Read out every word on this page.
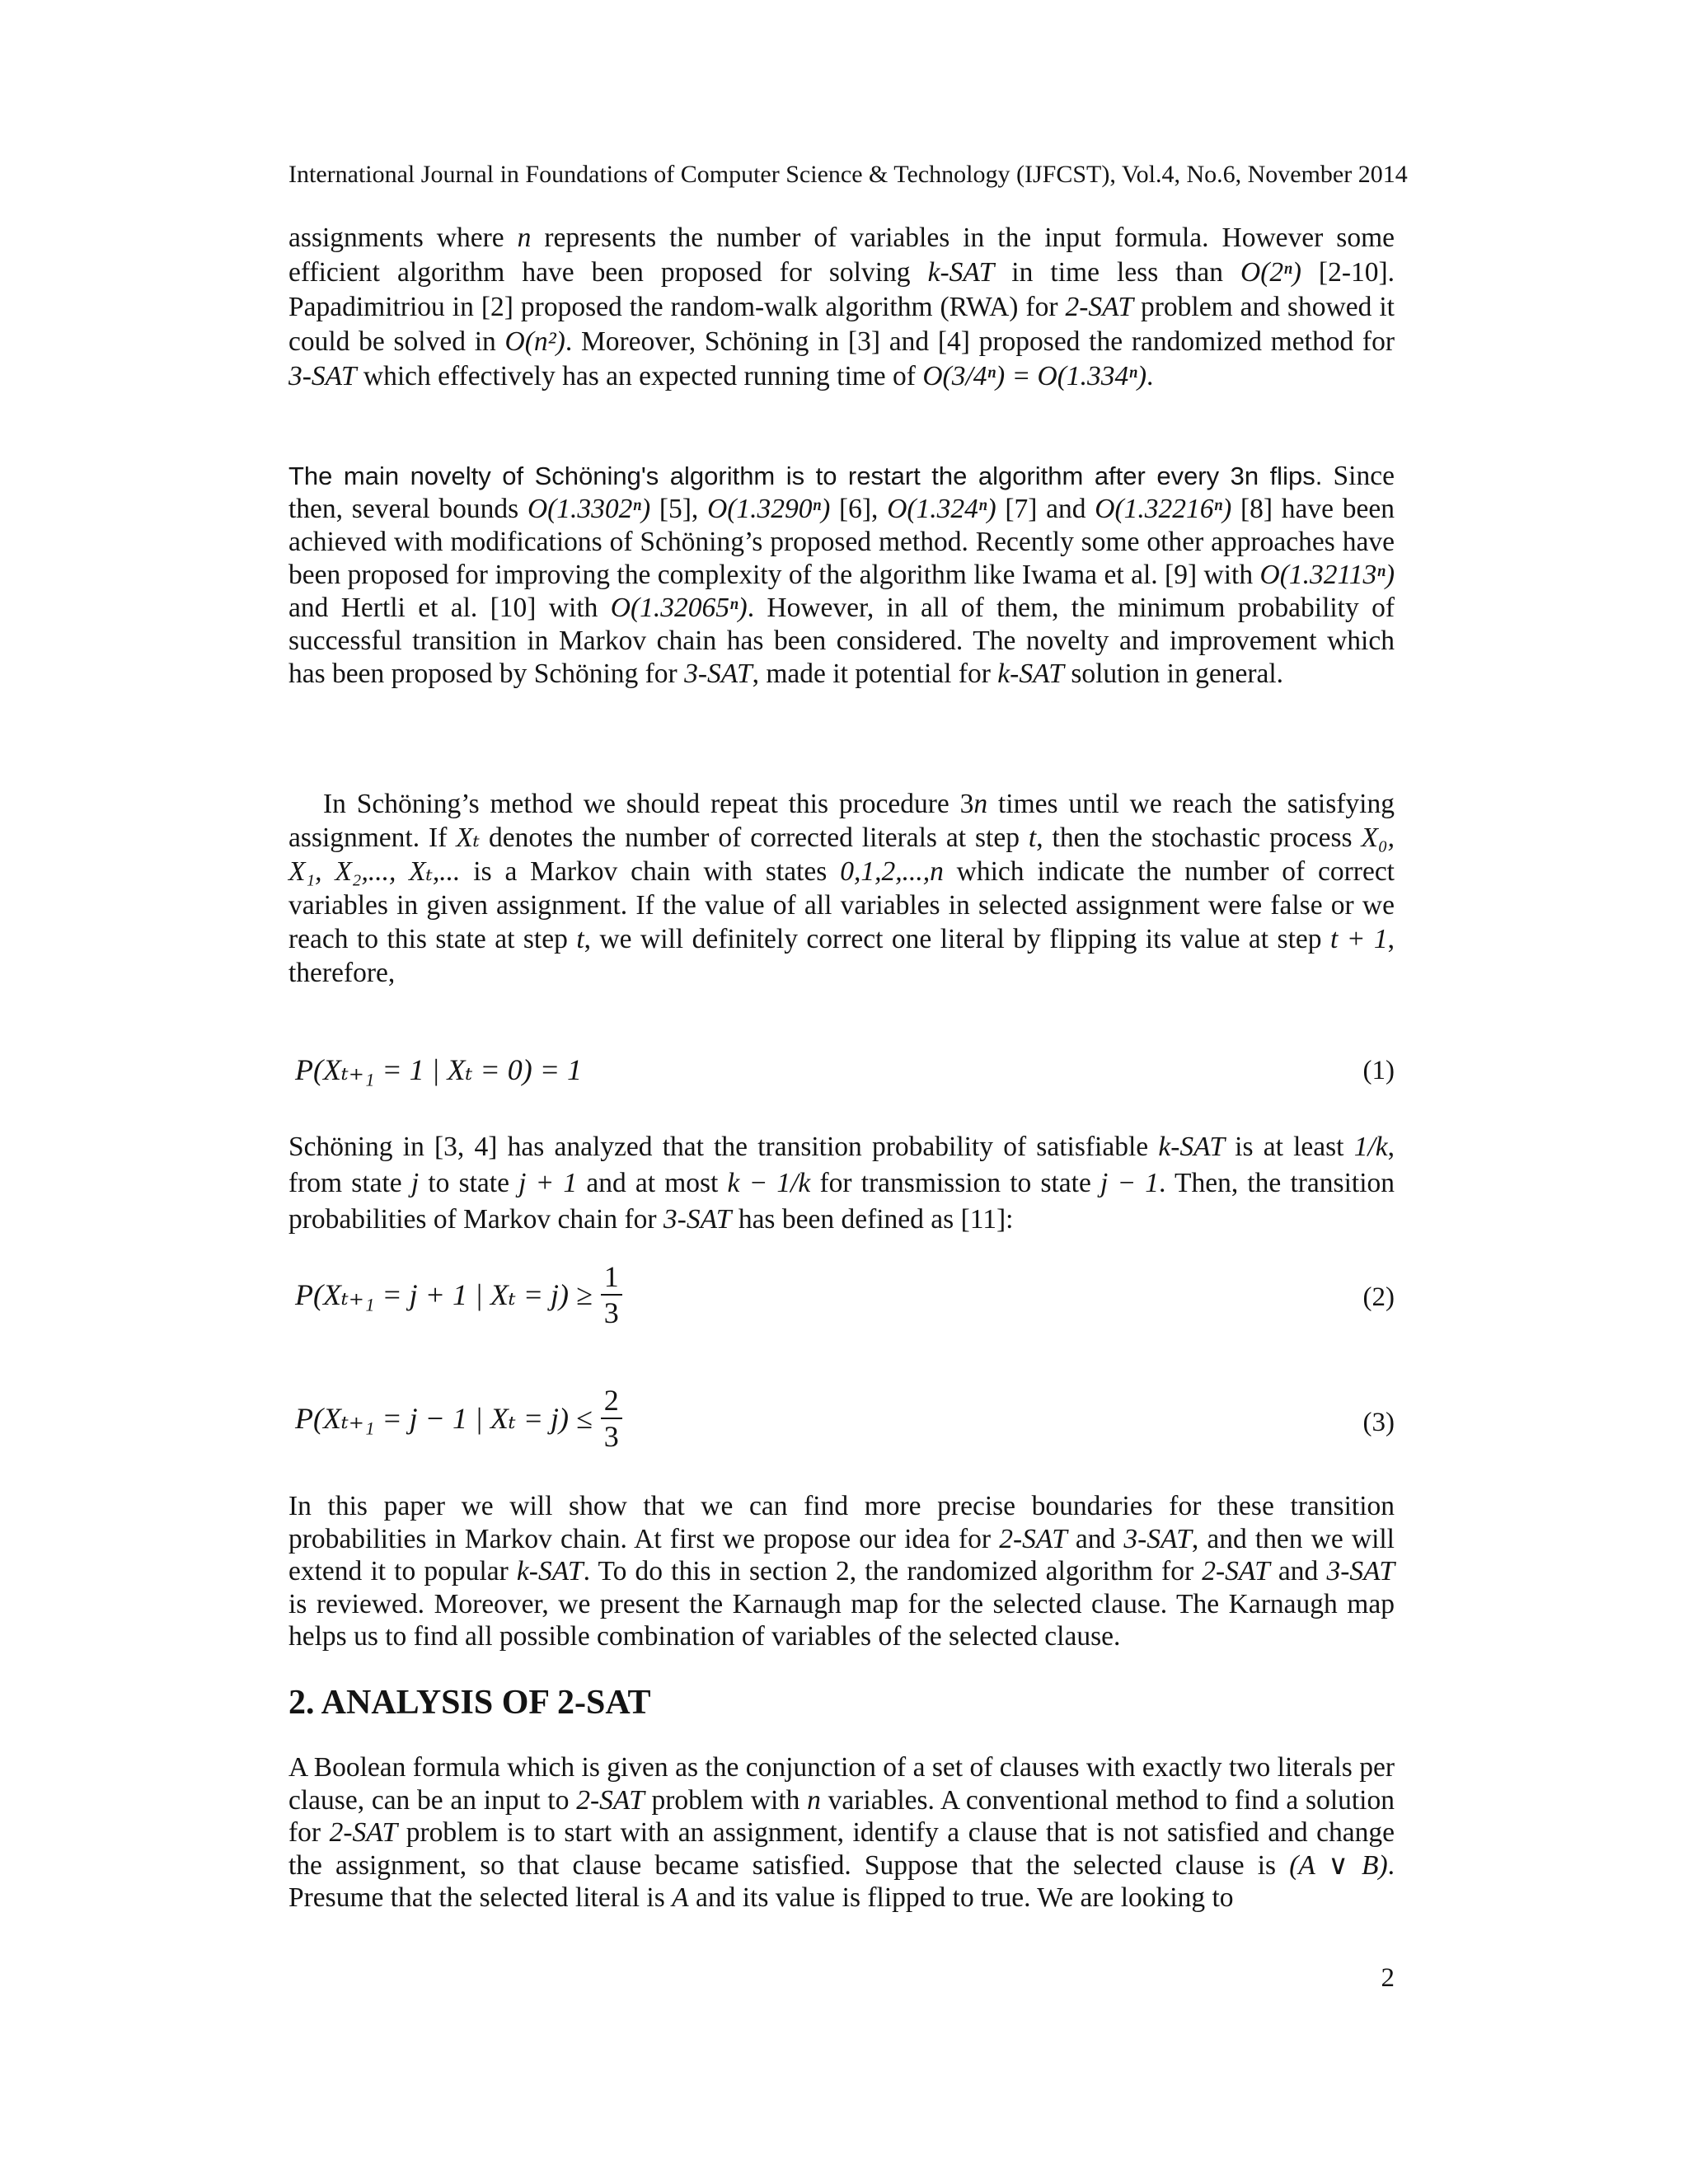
International Journal in Foundations of Computer Science & Technology (IJFCST), Vol.4, No.6, November 2014
assignments where n represents the number of variables in the input formula. However some efficient algorithm have been proposed for solving k-SAT in time less than O(2ⁿ) [2-10]. Papadimitriou in [2] proposed the random-walk algorithm (RWA) for 2-SAT problem and showed it could be solved in O(n²). Moreover, Schöning in [3] and [4] proposed the randomized method for 3-SAT which effectively has an expected running time of O(3/4ⁿ) = O(1.334ⁿ).
The main novelty of Schöning's algorithm is to restart the algorithm after every 3n flips. Since then, several bounds O(1.3302ⁿ) [5], O(1.3290ⁿ) [6], O(1.324ⁿ) [7] and O(1.32216ⁿ) [8] have been achieved with modifications of Schöning’s proposed method. Recently some other approaches have been proposed for improving the complexity of the algorithm like Iwama et al. [9] with O(1.32113ⁿ) and Hertli et al. [10] with O(1.32065ⁿ). However, in all of them, the minimum probability of successful transition in Markov chain has been considered. The novelty and improvement which has been proposed by Schöning for 3-SAT, made it potential for k-SAT solution in general.
In Schöning’s method we should repeat this procedure 3n times until we reach the satisfying assignment. If Xₜ denotes the number of corrected literals at step t, then the stochastic process X₀, X₁, X₂,..., Xₜ,... is a Markov chain with states 0,1,2,...,n which indicate the number of correct variables in given assignment. If the value of all variables in selected assignment were false or we reach to this state at step t, we will definitely correct one literal by flipping its value at step t + 1, therefore,
P(Xₜ₊₁ = 1 | Xₜ = 0) = 1	(1)
Schöning in [3, 4] has analyzed that the transition probability of satisfiable k-SAT is at least 1/k, from state j to state j + 1 and at most k − 1/k for transmission to state j − 1. Then, the transition probabilities of Markov chain for 3-SAT has been defined as [11]:
P(Xₜ₊₁ = j + 1 | $X_t = j) \ge \frac{1}{3}$	(2)
P(Xₜ₊₁ = j − 1 | $X_t = j) \le \frac{2}{3}$	(3)
In this paper we will show that we can find more precise boundaries for these transition probabilities in Markov chain. At first we propose our idea for 2-SAT and 3-SAT, and then we will extend it to popular k-SAT. To do this in section 2, the randomized algorithm for 2-SAT and 3-SAT is reviewed. Moreover, we present the Karnaugh map for the selected clause. The Karnaugh map helps us to find all possible combination of variables of the selected clause.
2. ANALYSIS OF 2-SAT
A Boolean formula which is given as the conjunction of a set of clauses with exactly two literals per clause, can be an input to 2-SAT problem with n variables. A conventional method to find a solution for 2-SAT problem is to start with an assignment, identify a clause that is not satisfied and change the assignment, so that clause became satisfied. Suppose that the selected clause is (A ∨ B). Presume that the selected literal is A and its value is flipped to true. We are looking to
2
